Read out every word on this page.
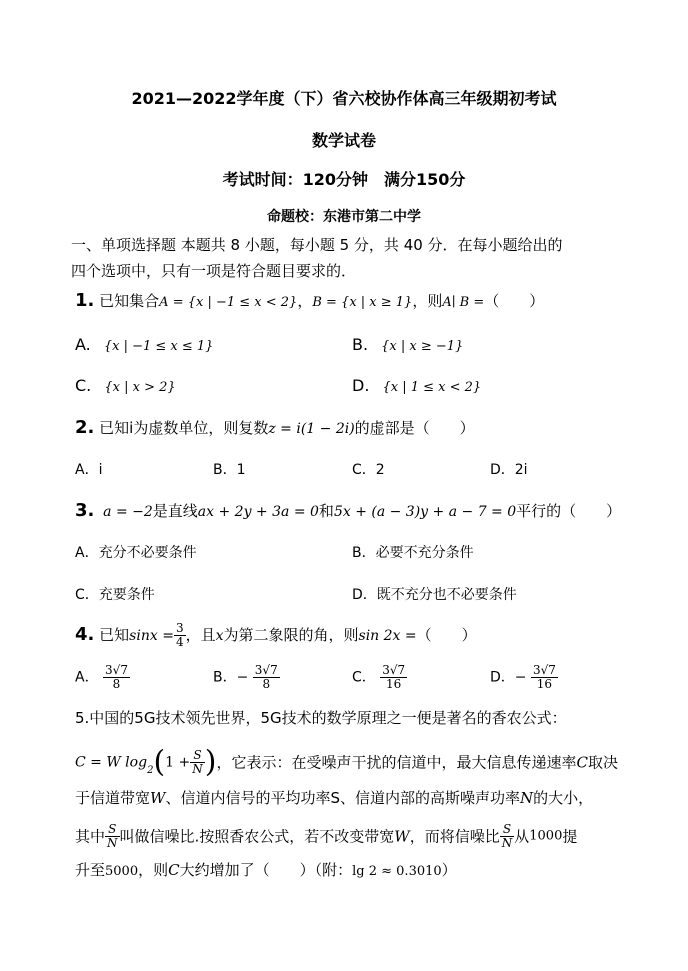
2021—2022学年度（下）省六校协作体高三年级期初考试
数学试卷
考试时间：120分钟　满分150分
命题校：东港市第二中学
一、单项选择题 本题共 8 小题，每小题 5 分，共 40 分．在每小题给出的
四个选项中，只有一项是符合题目要求的．
1. 已知集合A = {x | −1 ≤ x < 2}，B = {x | x ≥ 1}，则A∣ B =（　　）
A. {x | −1 ≤ x ≤ 1}	B. {x | x ≥ −1}
C. {x | x > 2}	D. {x | 1 ≤ x < 2}
2. 已知i为虚数单位，则复数z = i(1 − 2i)的虚部是（　　）
A．i	B．1	C．2	D．2i
3. a = −2是直线ax + 2y + 3a = 0和5x + (a − 3)y + a − 7 = 0平行的（　　）
A．充分不必要条件	B．必要不充分条件
C．充要条件	D．既不充分也不必要条件
4. 已知$\sin x = \frac{3}{4}$ ，且x为第二象限的角，则sin 2x =（　　）
A． $\frac{3√7}{8}$	B．− $\frac{3√7}{8}$	C． $\frac{3√7}{16}$	D．− $\frac{3√7}{16}$
5.中国的5G技术领先世界，5G技术的数学原理之一便是著名的香农公式：
C = W $\log_2(1 + \frac{S}{N}$ )，它表示：在受噪声干扰的信道中，最大信息传递速率C取决
于信道带宽W、信道内信号的平均功率S、信道内部的高斯噪声功率N的大小，
其中 $\frac{S}{N}$ 叫做信噪比.按照香农公式，若不改变带宽W，而将信噪比 $\frac{S}{N}$ 从1000提
升至5000，则C大约增加了（　　）（附：lg 2 ≈ 0.3010）
